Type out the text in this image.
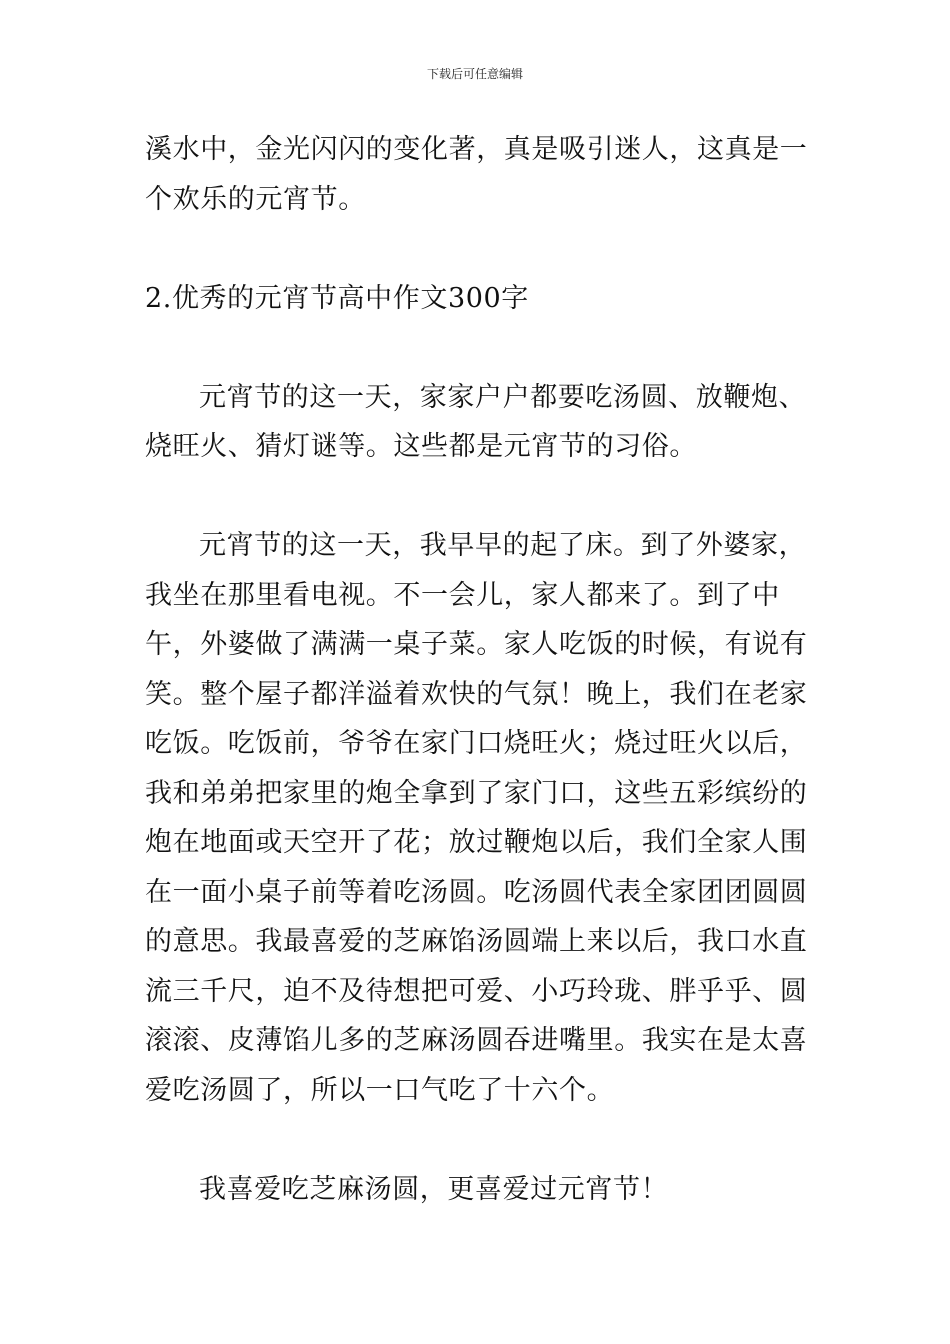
下载后可任意编辑

溪水中，金光闪闪的变化著，真是吸引迷人，这真是一个欢乐的元宵节。

2.优秀的元宵节高中作文300字

元宵节的这一天，家家户户都要吃汤圆、放鞭炮、烧旺火、猜灯谜等。这些都是元宵节的习俗。

元宵节的这一天，我早早的起了床。到了外婆家，我坐在那里看电视。不一会儿，家人都来了。到了中午，外婆做了满满一桌子菜。家人吃饭的时候，有说有笑。整个屋子都洋溢着欢快的气氛！晚上，我们在老家吃饭。吃饭前，爷爷在家门口烧旺火；烧过旺火以后，我和弟弟把家里的炮全拿到了家门口，这些五彩缤纷的炮在地面或天空开了花；放过鞭炮以后，我们全家人围在一面小桌子前等着吃汤圆。吃汤圆代表全家团团圆圆的意思。我最喜爱的芝麻馅汤圆端上来以后，我口水直流三千尺，迫不及待想把可爱、小巧玲珑、胖乎乎、圆滚滚、皮薄馅儿多的芝麻汤圆吞进嘴里。我实在是太喜爱吃汤圆了，所以一口气吃了十六个。

我喜爱吃芝麻汤圆，更喜爱过元宵节！
